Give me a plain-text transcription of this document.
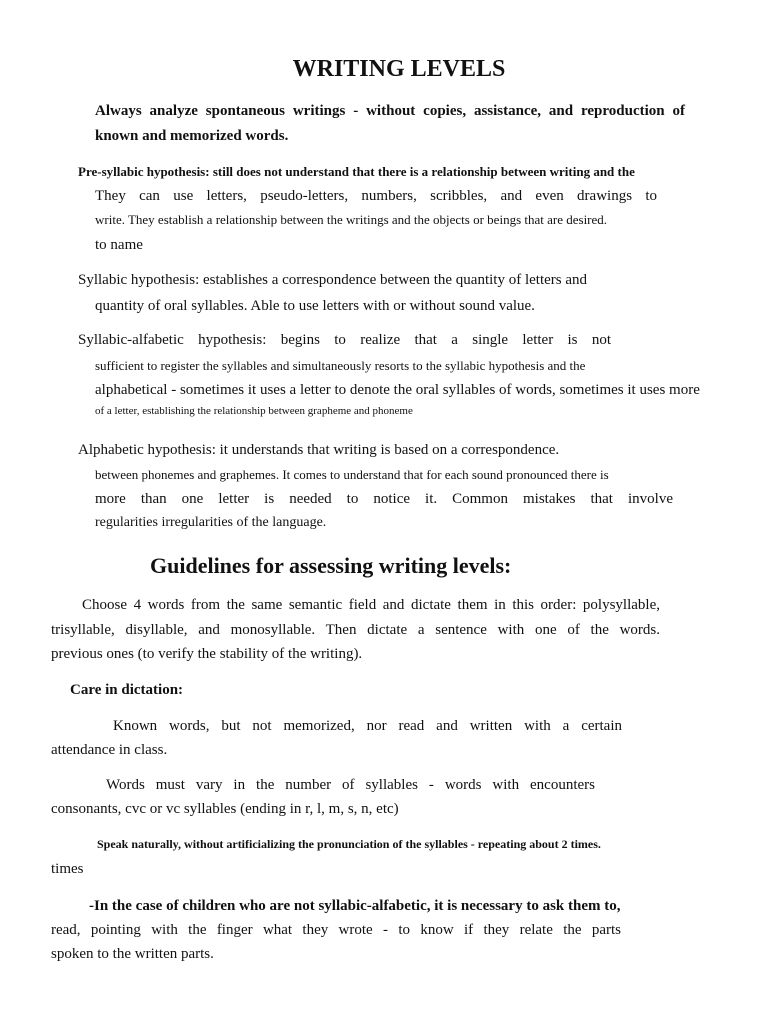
WRITING LEVELS
Always analyze spontaneous writings - without copies, assistance, and reproduction of
known and memorized words.
Pre-syllabic hypothesis: still does not understand that there is a relationship between writing and the
They can use letters, pseudo-letters, numbers, scribbles, and even drawings to
write. They establish a relationship between the writings and the objects or beings that are desired.
to name
Syllabic hypothesis: establishes a correspondence between the quantity of letters and
quantity of oral syllables. Able to use letters with or without sound value.
Syllabic-alfabetic hypothesis: begins to realize that a single letter is not
sufficient to register the syllables and simultaneously resorts to the syllabic hypothesis and the
alphabetical - sometimes it uses a letter to denote the oral syllables of words, sometimes it uses more
of a letter, establishing the relationship between grapheme and phoneme
Alphabetic hypothesis: it understands that writing is based on a correspondence.
between phonemes and graphemes. It comes to understand that for each sound pronounced there is
more than one letter is needed to notice it. Common mistakes that involve
regularities irregularities of the language.
Guidelines for assessing writing levels:
Choose 4 words from the same semantic field and dictate them in this order: polysyllable,
trisyllable, disyllable, and monosyllable. Then dictate a sentence with one of the words.
previous ones (to verify the stability of the writing).
Care in dictation:
Known words, but not memorized, nor read and written with a certain
attendance in class.
Words must vary in the number of syllables - words with encounters
consonants, cvc or vc syllables (ending in r, l, m, s, n, etc)
Speak naturally, without artificializing the pronunciation of the syllables - repeating about 2 times.
times
-In the case of children who are not syllabic-alfabetic, it is necessary to ask them to,
read, pointing with the finger what they wrote - to know if they relate the parts
spoken to the written parts.
